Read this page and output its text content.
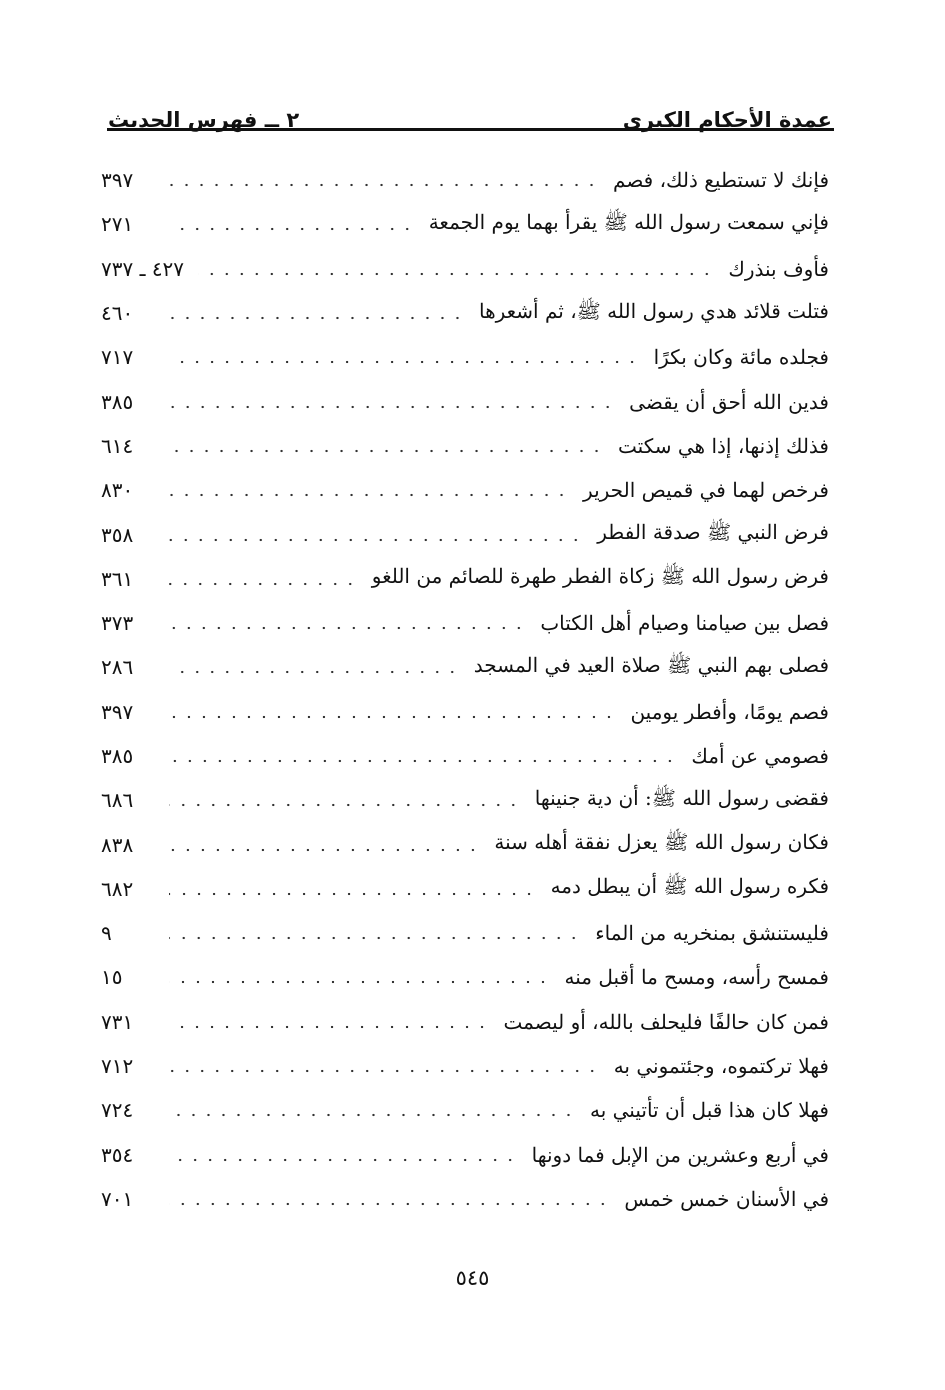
عمدة الأحكام الكبرى
٢ ــ فهرس الحديث
فإنك لا تستطيع ذلك، فصم
٣٩٧
فإني سمعت رسول الله ﷺ يقرأ بهما يوم الجمعة
٢٧١
فأوف بنذرك
٤٢٧ ـ ٧٣٧
فتلت قلائد هدي رسول الله ﷺ، ثم أشعرها
٤٦٠
فجلده مائة وكان بكرًا
٧١٧
فدين الله أحق أن يقضى
٣٨٥
فذلك إذنها، إذا هي سكتت
٦١٤
فرخص لهما في قميص الحرير
٨٣٠
فرض النبي ﷺ صدقة الفطر
٣٥٨
فرض رسول الله ﷺ زكاة الفطر طهرة للصائم من اللغو
٣٦١
فصل بين صيامنا وصيام أهل الكتاب
٣٧٣
فصلى بهم النبي ﷺ صلاة العيد في المسجد
٢٨٦
فصم يومًا، وأفطر يومين
٣٩٧
فصومي عن أمك
٣٨٥
فقضى رسول الله ﷺ: أن دية جنينها
٦٨٦
فكان رسول الله ﷺ يعزل نفقة أهله سنة
٨٣٨
فكره رسول الله ﷺ أن يبطل دمه
٦٨٢
فليستنشق بمنخريه من الماء
٩
فمسح رأسه، ومسح ما أقبل منه
١٥
فمن كان حالفًا فليحلف بالله، أو ليصمت
٧٣١
فهلا تركتموه، وجئتموني به
٧١٢
فهلا كان هذا قبل أن تأتيني به
٧٢٤
في أربع وعشرين من الإبل فما دونها
٣٥٤
في الأسنان خمس خمس
٧٠١
٥٤٥
